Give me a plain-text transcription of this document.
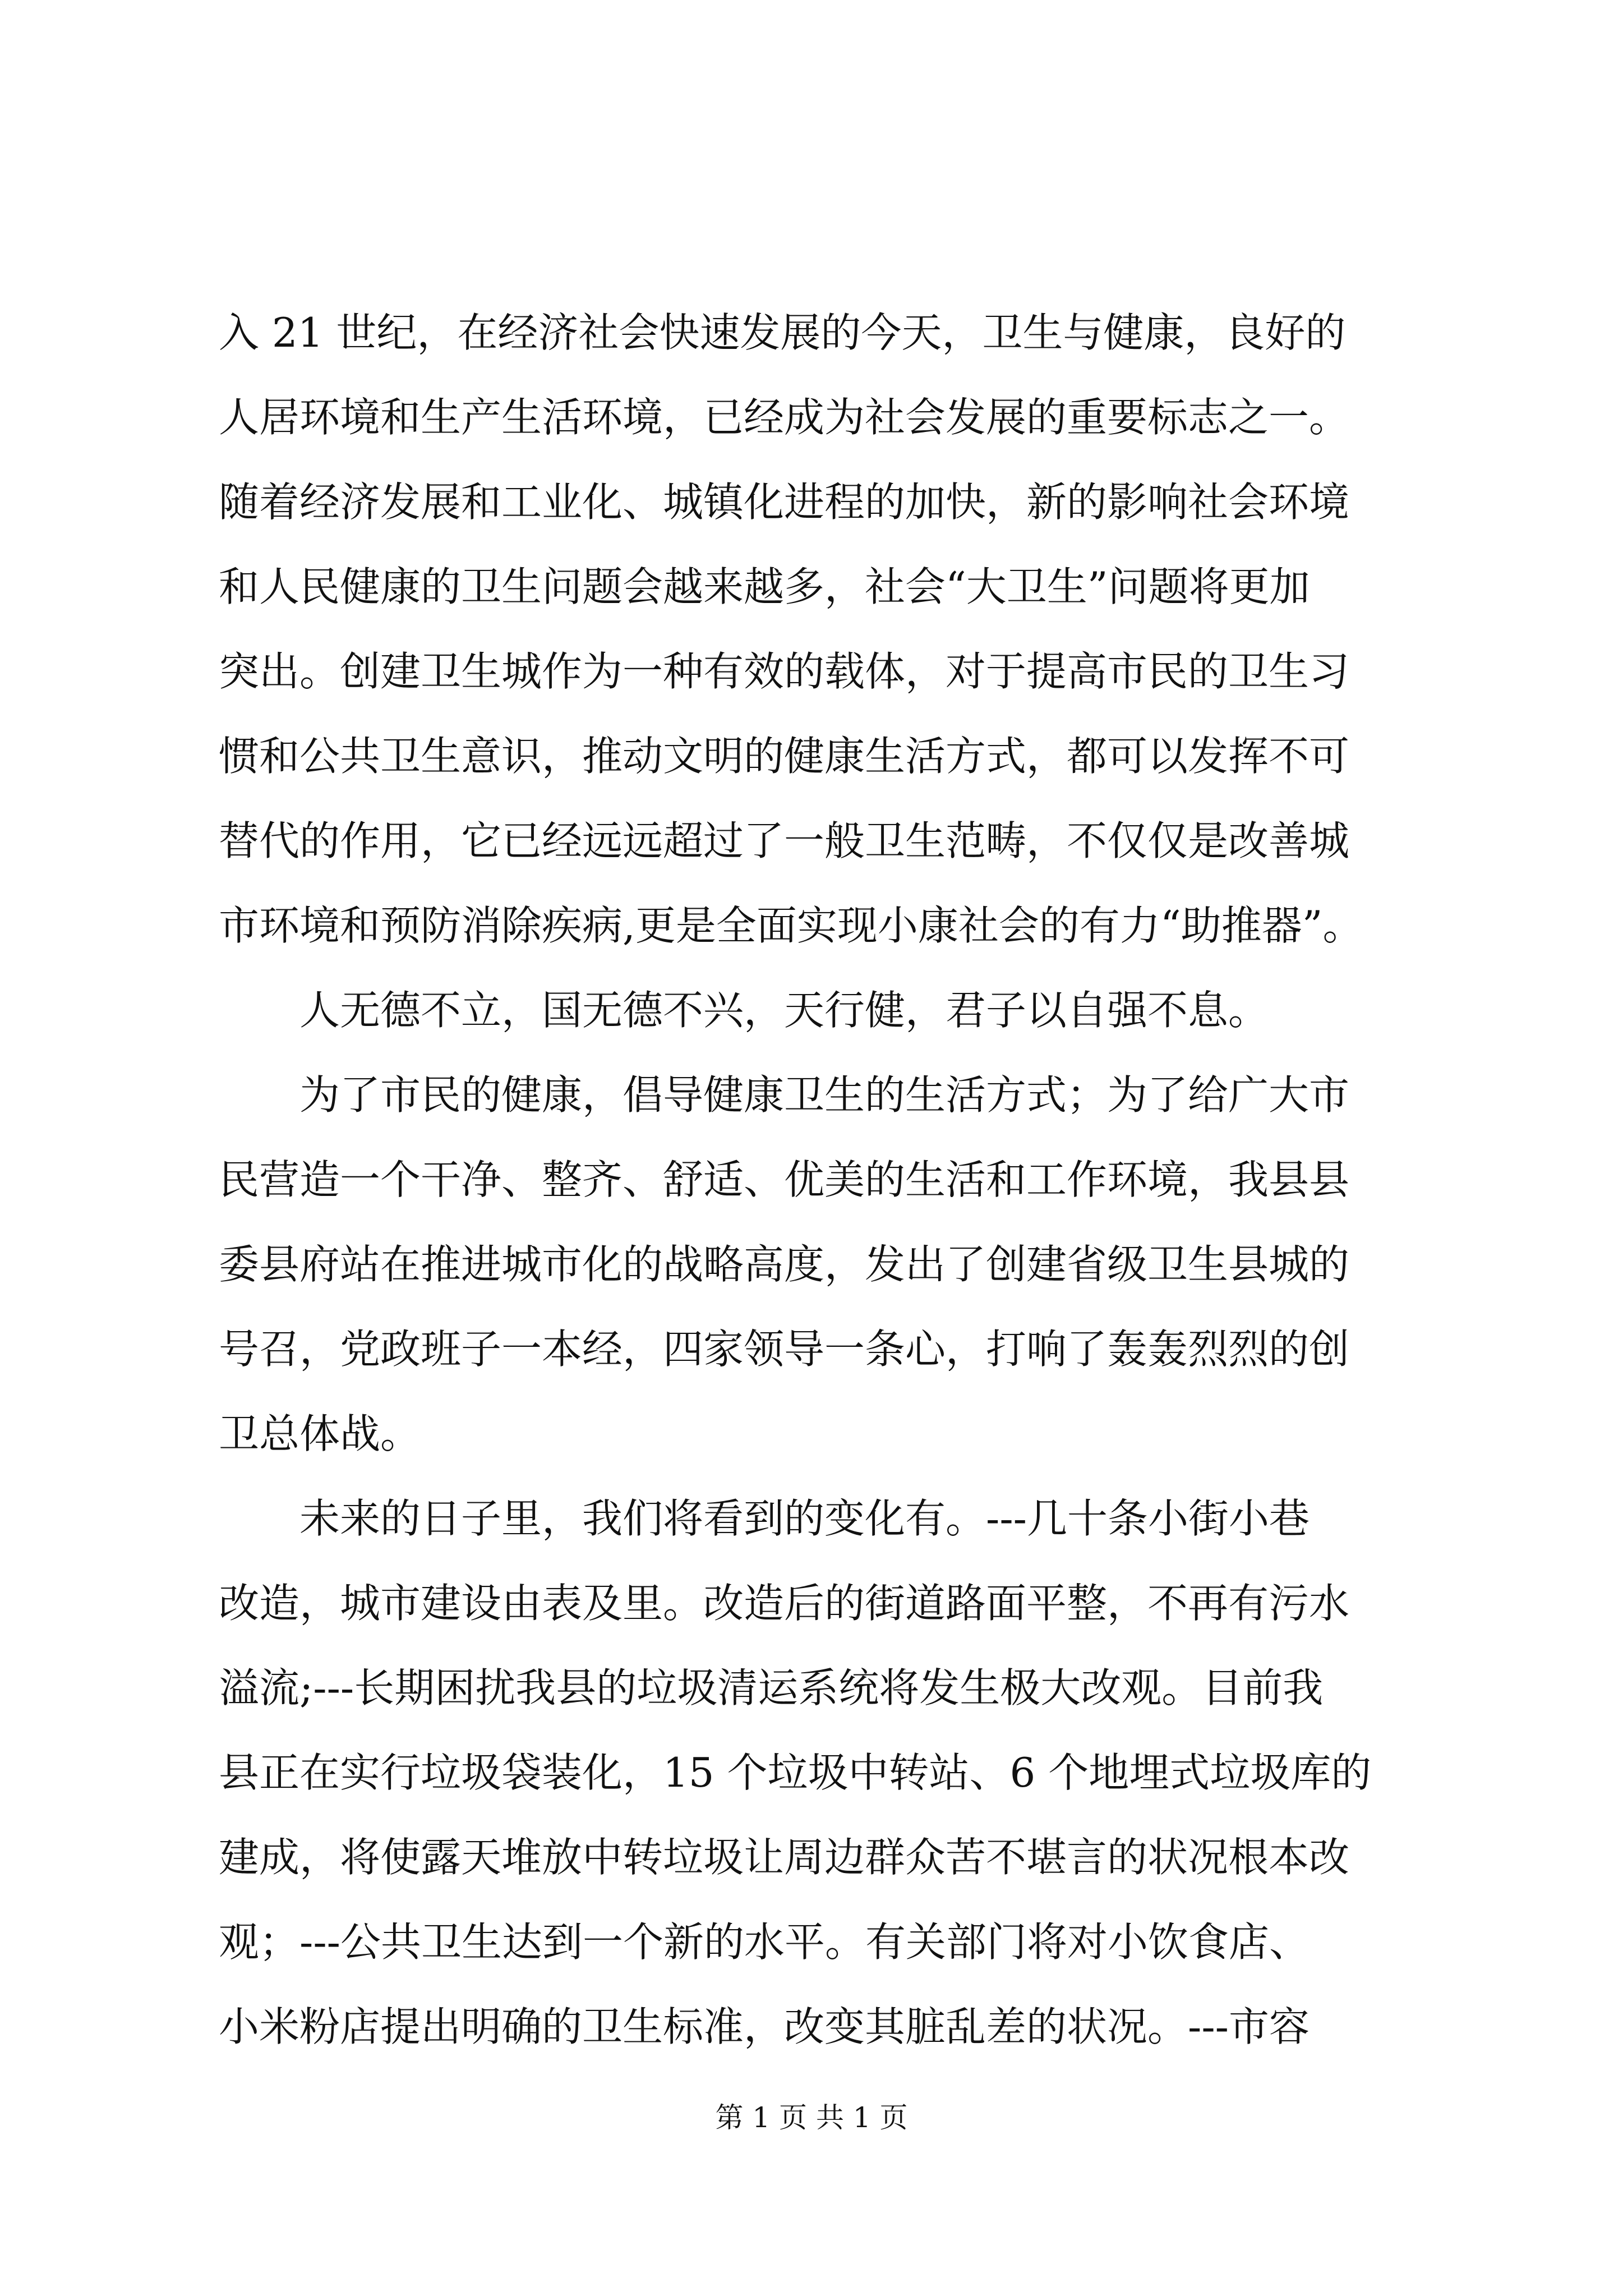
入 21 世纪，在经济社会快速发展的今天，卫生与健康，良好的
人居环境和生产生活环境，已经成为社会发展的重要标志之一。
随着经济发展和工业化、城镇化进程的加快，新的影响社会环境
和人民健康的卫生问题会越来越多，社会“大卫生”问题将更加
突出。创建卫生城作为一种有效的载体，对于提高市民的卫生习
惯和公共卫生意识，推动文明的健康生活方式，都可以发挥不可
替代的作用，它已经远远超过了一般卫生范畴，不仅仅是改善城
市环境和预防消除疾病,更是全面实现小康社会的有力“助推器”。
人无德不立，国无德不兴，天行健，君子以自强不息。
为了市民的健康，倡导健康卫生的生活方式；为了给广大市
民营造一个干净、整齐、舒适、优美的生活和工作环境，我县县
委县府站在推进城市化的战略高度，发出了创建省级卫生县城的
号召，党政班子一本经，四家领导一条心，打响了轰轰烈烈的创
卫总体战。
未来的日子里，我们将看到的变化有。---几十条小街小巷
改造，城市建设由表及里。改造后的街道路面平整，不再有污水
溢流;---长期困扰我县的垃圾清运系统将发生极大改观。目前我
县正在实行垃圾袋装化，15 个垃圾中转站、6 个地埋式垃圾库的
建成，将使露天堆放中转垃圾让周边群众苦不堪言的状况根本改
观；---公共卫生达到一个新的水平。有关部门将对小饮食店、
小米粉店提出明确的卫生标准，改变其脏乱差的状况。---市容
第 1 页 共 1 页
